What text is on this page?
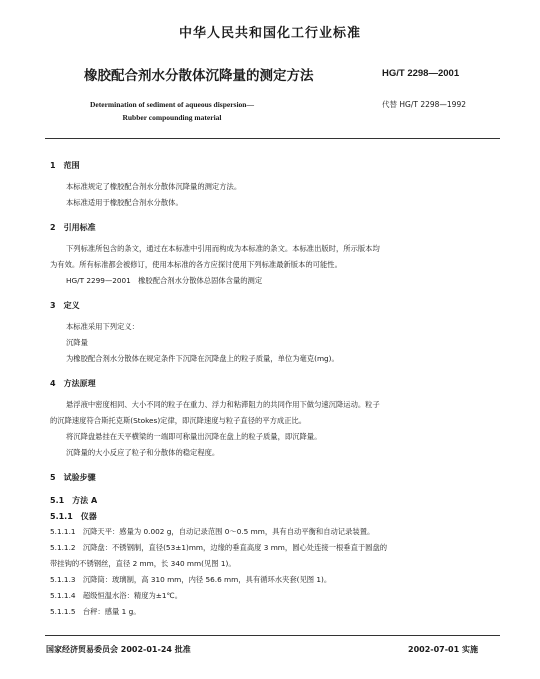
中华人民共和国化工行业标准
橡胶配合剂水分散体沉降量的测定方法	HG/T 2298—2001
Determination of sediment of aqueous dispersion—
Rubber compounding material
代替 HG/T 2298—1992
1　范围
本标准规定了橡胶配合剂水分散体沉降量的测定方法。
本标准适用于橡胶配合剂水分散体。
2　引用标准
下列标准所包含的条文，通过在本标准中引用而构成为本标准的条文。本标准出版时，所示版本均
为有效。所有标准都会被修订，使用本标准的各方应探讨使用下列标准最新版本的可能性。
HG/T 2299—2001　橡胶配合剂水分散体总固体含量的测定
3　定义
本标准采用下列定义：
沉降量
为橡胶配合剂水分散体在规定条件下沉降在沉降盘上的粒子质量，单位为毫克(mg)。
4　方法原理
悬浮液中密度相同、大小不同的粒子在重力、浮力和粘滞阻力的共同作用下做匀速沉降运动。粒子
的沉降速度符合斯托克斯(Stokes)定律，即沉降速度与粒子直径的平方成正比。
将沉降盘悬挂在天平横梁的一端即可称量出沉降在盘上的粒子质量，即沉降量。
沉降量的大小反应了粒子和分散体的稳定程度。
5　试验步骤
5.1　方法 A
5.1.1　仪器
5.1.1.1　沉降天平：感量为 0.002 g，自动记录范围 0～0.5 mm，具有自动平衡和自动记录装置。
5.1.1.2　沉降盘：不锈钢制，直径(53±1)mm，边缘的垂直高度 3 mm，圆心处连接一根垂直于圆盘的
带挂钩的不锈钢丝，直径 2 mm，长 340 mm(见图 1)。
5.1.1.3　沉降筒：玻璃制，高 310 mm，内径 56.6 mm，具有循环水夹套(见图 1)。
5.1.1.4　超级恒温水浴：精度为±1℃。
5.1.1.5　台秤：感量 1 g。
国家经济贸易委员会 2002-01-24 批准	2002-07-01 实施
